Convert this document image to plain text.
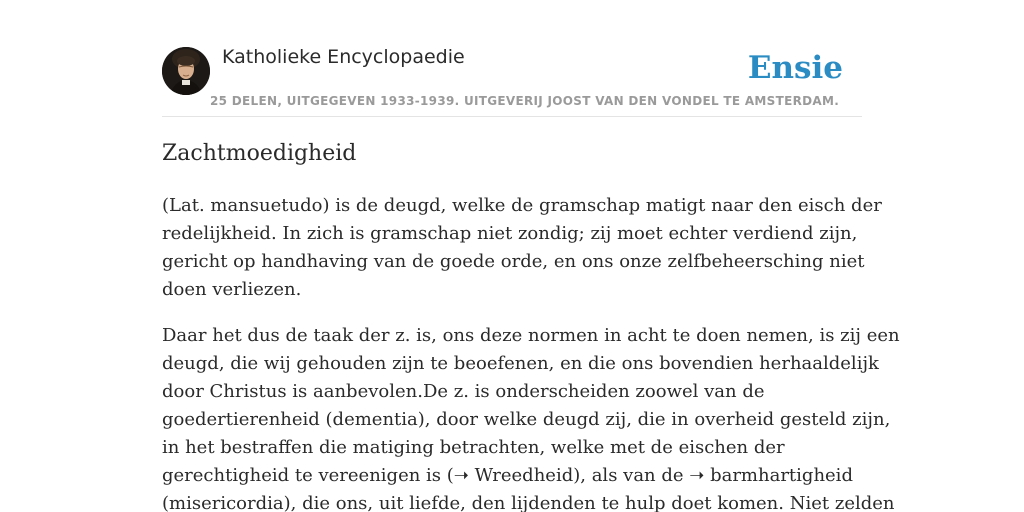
Katholieke Encyclopaedie
25 DELEN, UITGEGEVEN 1933-1939. UITGEVERIJ JOOST VAN DEN VONDEL TE AMSTERDAM.
Ensie
Zachtmoedigheid

(Lat. mansuetudo) is de deugd, welke de gramschap matigt naar den eisch der
redelijkheid. In zich is gramschap niet zondig; zij moet echter verdiend zijn,
gericht op handhaving van de goede orde, en ons onze zelfbeheersching niet
doen verliezen.

Daar het dus de taak der z. is, ons deze normen in acht te doen nemen, is zij een
deugd, die wij gehouden zijn te beoefenen, en die ons bovendien herhaaldelijk
door Christus is aanbevolen.De z. is onderscheiden zoowel van de
goedertierenheid (dementia), door welke deugd zij, die in overheid gesteld zijn,
in het bestraffen die matiging betrachten, welke met de eischen der
gerechtigheid te vereenigen is (➝ Wreedheid), als van de ➝ barmhartigheid
(misericordia), die ons, uit liefde, den lijdenden te hulp doet komen. Niet zelden
